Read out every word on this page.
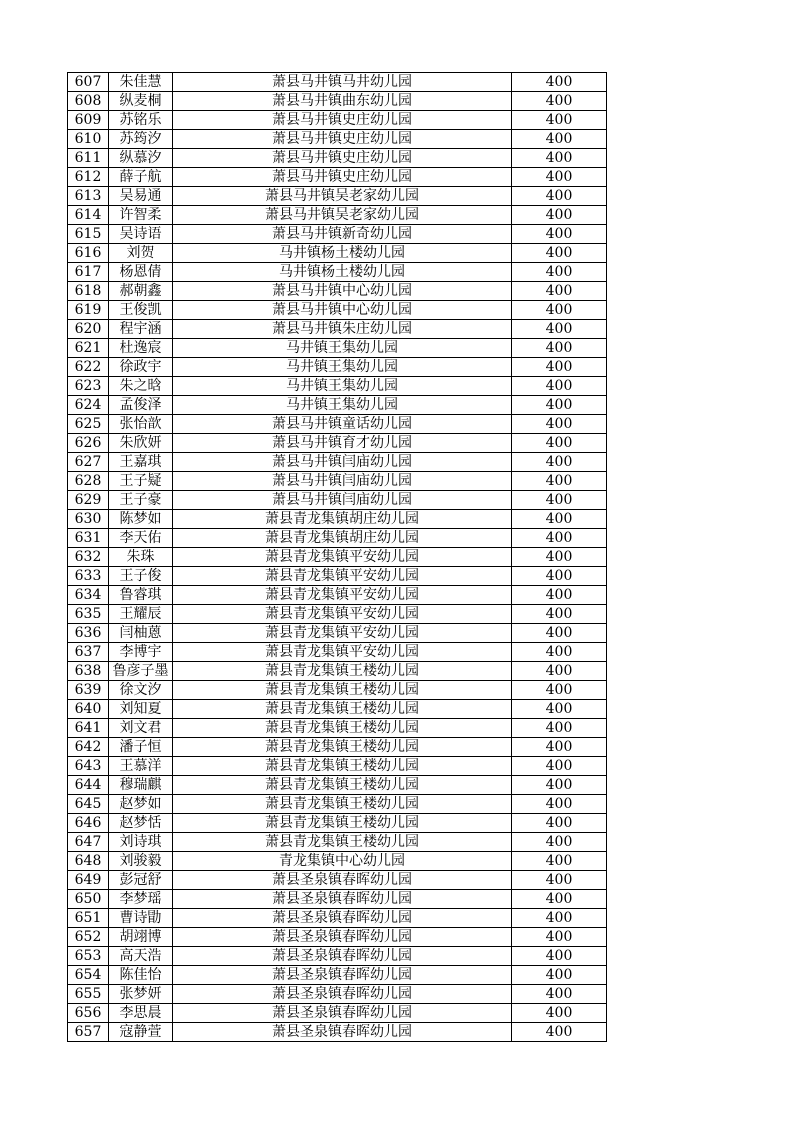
607	朱佳慧	萧县马井镇马井幼儿园	400
608	纵麦桐	萧县马井镇曲东幼儿园	400
609	苏铭乐	萧县马井镇史庄幼儿园	400
610	苏筠汐	萧县马井镇史庄幼儿园	400
611	纵慕汐	萧县马井镇史庄幼儿园	400
612	薛子航	萧县马井镇史庄幼儿园	400
613	吴易通	萧县马井镇吴老家幼儿园	400
614	许智柔	萧县马井镇吴老家幼儿园	400
615	吴诗语	萧县马井镇新奇幼儿园	400
616	刘贺	马井镇杨土楼幼儿园	400
617	杨恩倩	马井镇杨土楼幼儿园	400
618	郝朝鑫	萧县马井镇中心幼儿园	400
619	王俊凯	萧县马井镇中心幼儿园	400
620	程宇涵	萧县马井镇朱庄幼儿园	400
621	杜逸宸	马井镇王集幼儿园	400
622	徐政宇	马井镇王集幼儿园	400
623	朱之晗	马井镇王集幼儿园	400
624	孟俊泽	马井镇王集幼儿园	400
625	张怡歆	萧县马井镇童话幼儿园	400
626	朱欣妍	萧县马井镇育才幼儿园	400
627	王嘉琪	萧县马井镇闫庙幼儿园	400
628	王子疑	萧县马井镇闫庙幼儿园	400
629	王子豪	萧县马井镇闫庙幼儿园	400
630	陈梦如	萧县青龙集镇胡庄幼儿园	400
631	李天佑	萧县青龙集镇胡庄幼儿园	400
632	朱珠	萧县青龙集镇平安幼儿园	400
633	王子俊	萧县青龙集镇平安幼儿园	400
634	鲁睿琪	萧县青龙集镇平安幼儿园	400
635	王耀辰	萧县青龙集镇平安幼儿园	400
636	闫柚蒽	萧县青龙集镇平安幼儿园	400
637	李博宇	萧县青龙集镇平安幼儿园	400
638	鲁彦子墨	萧县青龙集镇王楼幼儿园	400
639	徐文汐	萧县青龙集镇王楼幼儿园	400
640	刘知夏	萧县青龙集镇王楼幼儿园	400
641	刘文君	萧县青龙集镇王楼幼儿园	400
642	潘子恒	萧县青龙集镇王楼幼儿园	400
643	王慕洋	萧县青龙集镇王楼幼儿园	400
644	穆瑞麒	萧县青龙集镇王楼幼儿园	400
645	赵梦如	萧县青龙集镇王楼幼儿园	400
646	赵梦恬	萧县青龙集镇王楼幼儿园	400
647	刘诗琪	萧县青龙集镇王楼幼儿园	400
648	刘骏毅	青龙集镇中心幼儿园	400
649	彭冠舒	萧县圣泉镇春晖幼儿园	400
650	李梦瑶	萧县圣泉镇春晖幼儿园	400
651	曹诗勖	萧县圣泉镇春晖幼儿园	400
652	胡翊博	萧县圣泉镇春晖幼儿园	400
653	高天浩	萧县圣泉镇春晖幼儿园	400
654	陈佳怡	萧县圣泉镇春晖幼儿园	400
655	张梦妍	萧县圣泉镇春晖幼儿园	400
656	李思晨	萧县圣泉镇春晖幼儿园	400
657	寇静萱	萧县圣泉镇春晖幼儿园	400
